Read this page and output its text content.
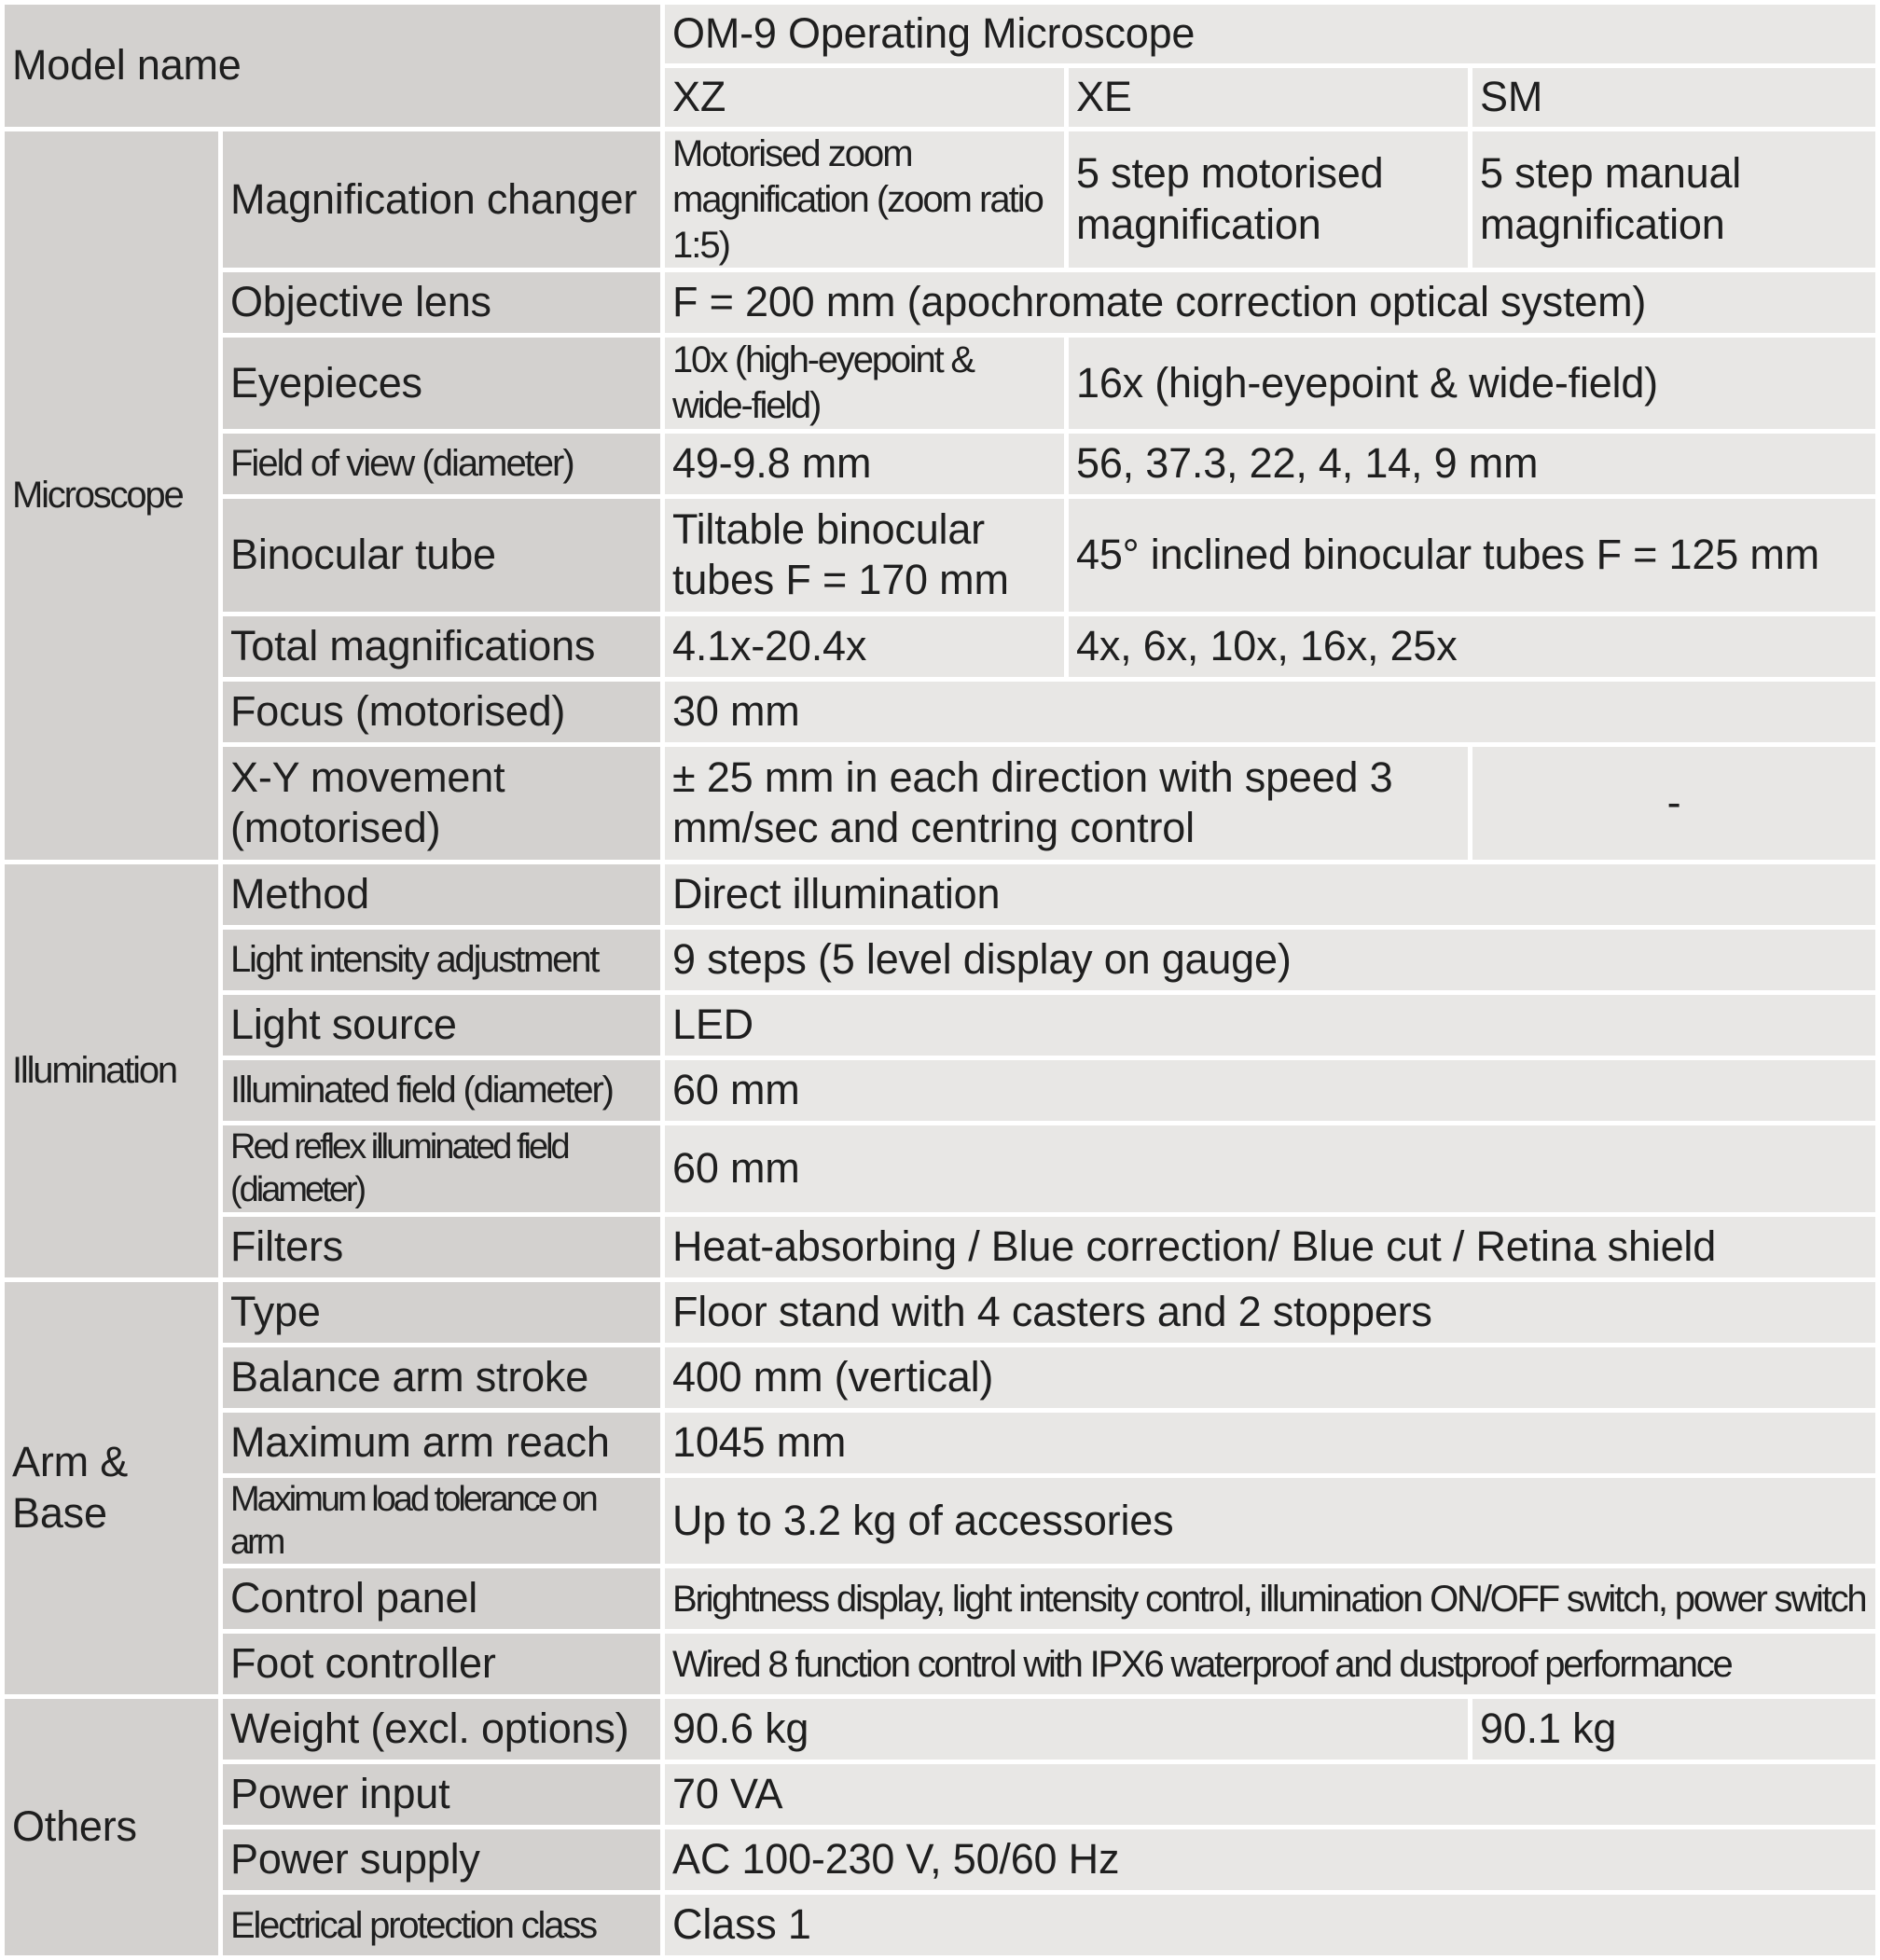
Model name		OM-9 Operating Microscope		
		XZ	XE	SM
Microscope	Magnification changer	Motorised zoom magnification (zoom ratio 1:5)	5 step motorised magnification	5 step manual magnification
	Objective lens	F = 200 mm (apochromate correction optical system)		
	Eyepieces	10x (high-eyepoint & wide-field)	16x (high-eyepoint & wide-field)	
	Field of view (diameter)	49-9.8 mm	56, 37.3, 22, 4, 14, 9 mm	
	Binocular tube	Tiltable binocular tubes F = 170 mm	45° inclined binocular tubes F = 125 mm	
	Total magnifications	4.1x-20.4x	4x, 6x, 10x, 16x, 25x	
	Focus (motorised)	30 mm		
	X-Y movement (motorised)	± 25 mm in each direction with speed 3 mm/sec and centring control		-
Illumination	Method	Direct illumination		
	Light intensity adjustment	9 steps (5 level display on gauge)		
	Light source	LED		
	Illuminated field (diameter)	60 mm		
	Red reflex illuminated field (diameter)	60 mm		
	Filters	Heat-absorbing / Blue correction/ Blue cut / Retina shield		
Arm & Base	Type	Floor stand with 4 casters and 2 stoppers		
	Balance arm stroke	400 mm (vertical)		
	Maximum arm reach	1045 mm		
	Maximum load tolerance on arm	Up to 3.2 kg of accessories		
	Control panel	Brightness display, light intensity control, illumination ON/OFF switch, power switch		
	Foot controller	Wired 8 function control with IPX6 waterproof and dustproof performance		
Others	Weight (excl. options)	90.6 kg		90.1 kg
	Power input	70 VA		
	Power supply	AC 100-230 V, 50/60 Hz		
	Electrical protection class	Class 1		
